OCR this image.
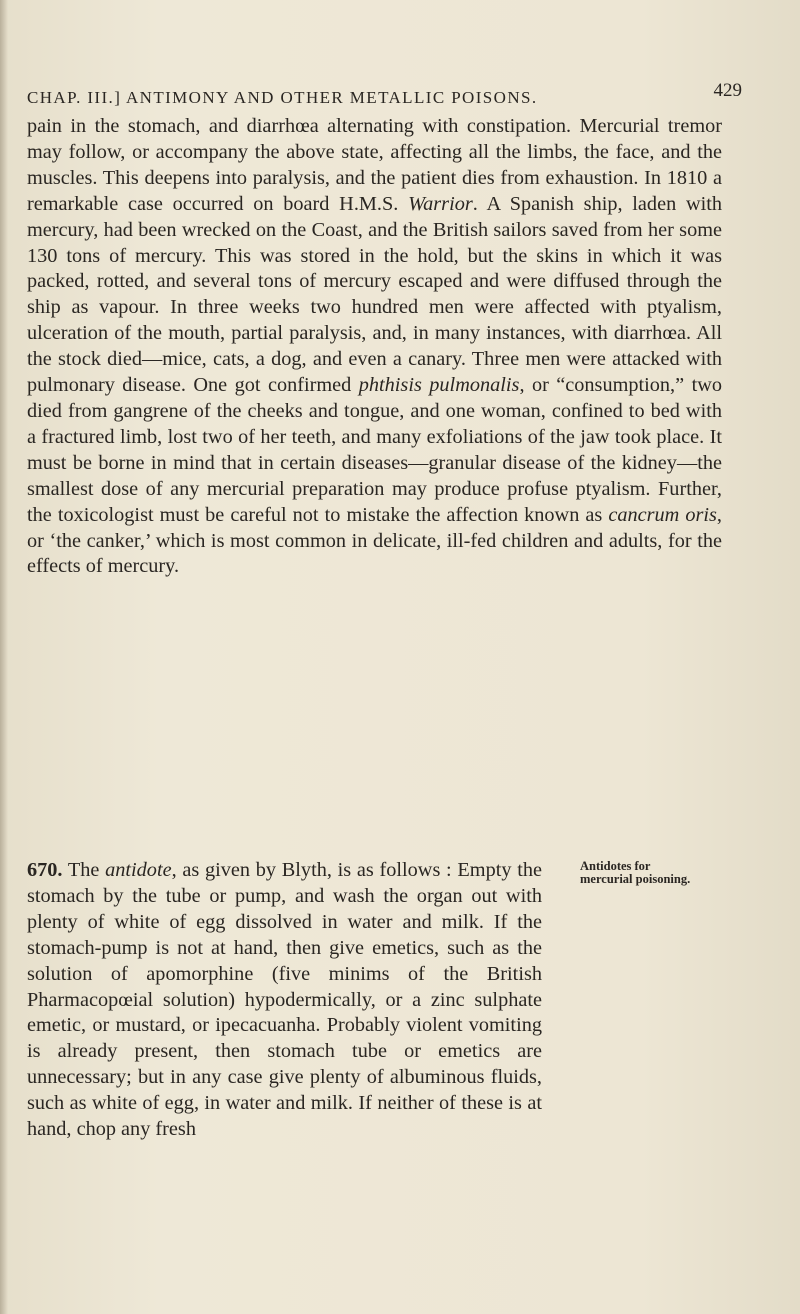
CHAP. III.] ANTIMONY AND OTHER METALLIC POISONS.	429

pain in the stomach, and diarrhœa alternating with constipation. Mercurial tremor may follow, or accompany the above state, affecting all the limbs, the face, and the muscles. This deepens into paralysis, and the patient dies from exhaustion. In 1810 a remarkable case occurred on board H.M.S. Warrior. A Spanish ship, laden with mercury, had been wrecked on the Coast, and the British sailors saved from her some 130 tons of mercury. This was stored in the hold, but the skins in which it was packed, rotted, and several tons of mercury escaped and were diffused through the ship as vapour. In three weeks two hundred men were affected with ptyalism, ulceration of the mouth, partial paralysis, and, in many instances, with diarrhœa. All the stock died—mice, cats, a dog, and even a canary. Three men were attacked with pulmonary disease. One got confirmed phthisis pulmonalis, or “consumption,” two died from gangrene of the cheeks and tongue, and one woman, confined to bed with a fractured limb, lost two of her teeth, and many exfoliations of the jaw took place. It must be borne in mind that in certain diseases—granular disease of the kidney—the smallest dose of any mercurial preparation may produce profuse ptyalism. Further, the toxicologist must be careful not to mistake the affection known as cancrum oris, or ‘the canker,’ which is most common in delicate, ill-fed children and adults, for the effects of mercury.

670. The antidote, as given by Blyth, is as follows : Empty the stomach by the tube or pump, and wash the organ out with plenty of white of egg dissolved in water and milk. If the stomach-pump is not at hand, then give emetics, such as the solution of apomorphine (five minims of the British Pharmacopœial solution) hypodermically, or a zinc sulphate emetic, or mustard, or ipecacuanha. Probably violent vomiting is already present, then stomach tube or emetics are unnecessary; but in any case give plenty of albuminous fluids, such as white of egg, in water and milk. If neither of these is at hand, chop any fresh

Antidotes for mercurial poisoning.
